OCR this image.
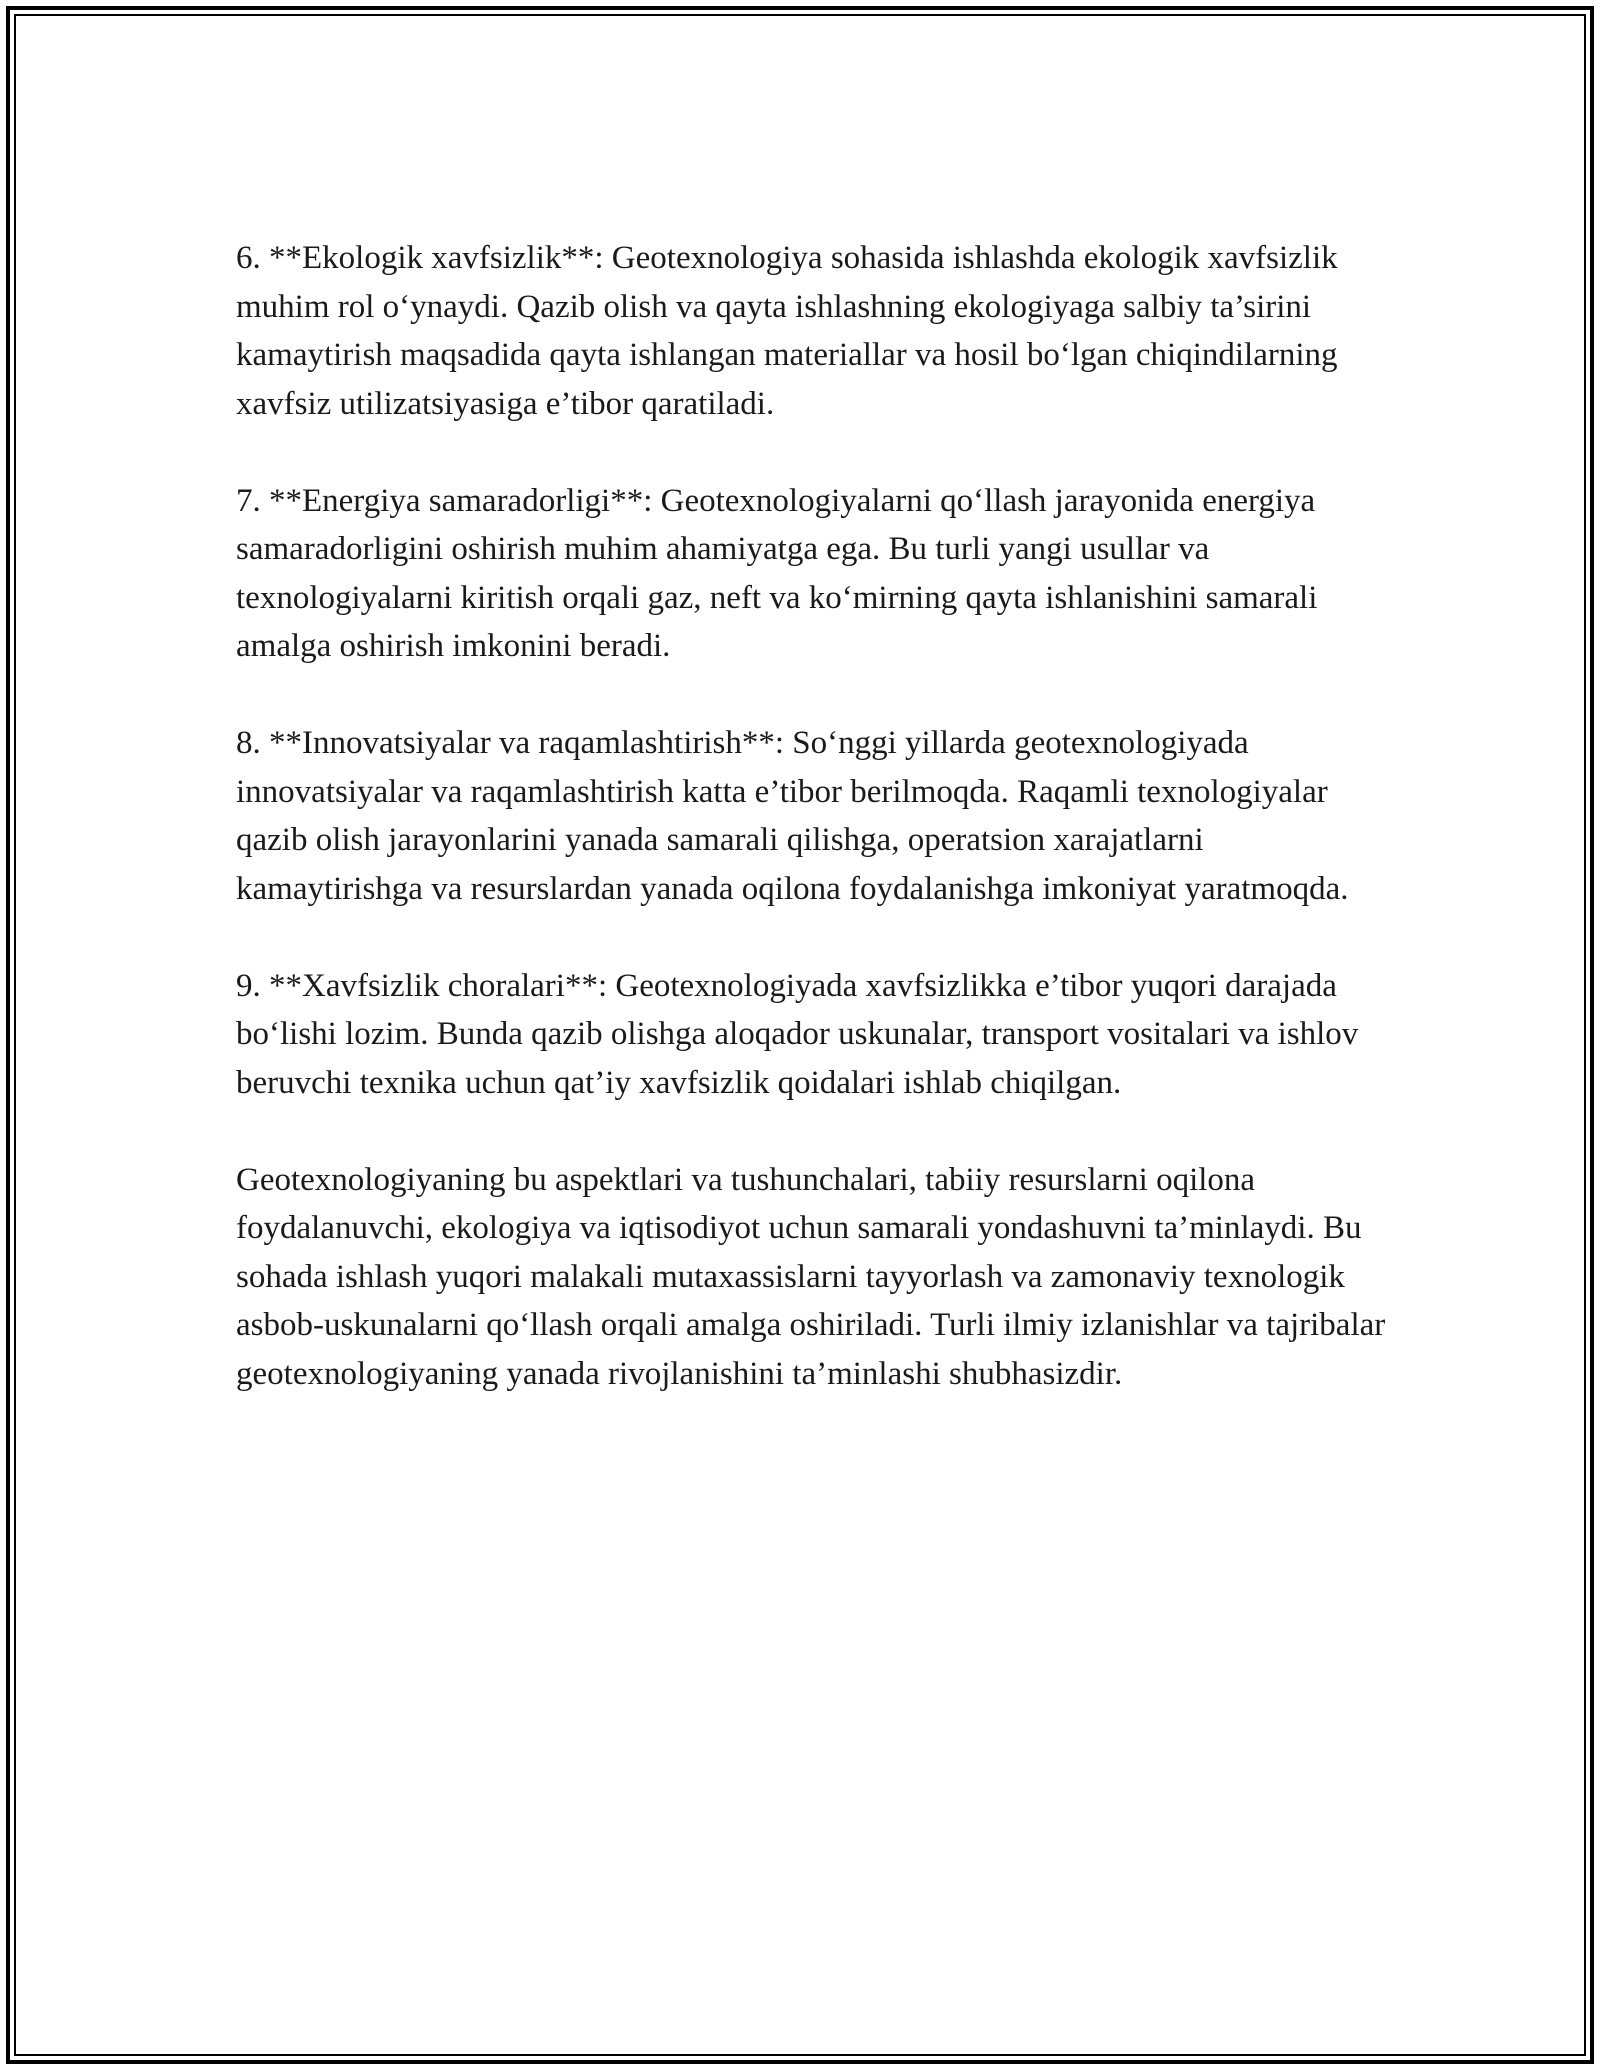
6. **Ekologik xavfsizlik**: Geotexnologiya sohasida ishlashda ekologik xavfsizlik muhim rol o‘ynaydi. Qazib olish va qayta ishlashning ekologiyaga salbiy ta’sirini kamaytirish maqsadida qayta ishlangan materiallar va hosil bo‘lgan chiqindilarning xavfsiz utilizatsiyasiga e’tibor qaratiladi.

7. **Energiya samaradorligi**: Geotexnologiyalarni qo‘llash jarayonida energiya samaradorligini oshirish muhim ahamiyatga ega. Bu turli yangi usullar va texnologiyalarni kiritish orqali gaz, neft va ko‘mirning qayta ishlanishini samarali amalga oshirish imkonini beradi.

8. **Innovatsiyalar va raqamlashtirish**: So‘nggi yillarda geotexnologiyada innovatsiyalar va raqamlashtirish katta e’tibor berilmoqda. Raqamli texnologiyalar qazib olish jarayonlarini yanada samarali qilishga, operatsion xarajatlarni kamaytirishga va resurslardan yanada oqilona foydalanishga imkoniyat yaratmoqda.

9. **Xavfsizlik choralari**: Geotexnologiyada xavfsizlikka e’tibor yuqori darajada bo‘lishi lozim. Bunda qazib olishga aloqador uskunalar, transport vositalari va ishlov beruvchi texnika uchun qat’iy xavfsizlik qoidalari ishlab chiqilgan.

Geotexnologiyaning bu aspektlari va tushunchalari, tabiiy resurslarni oqilona foydalanuvchi, ekologiya va iqtisodiyot uchun samarali yondashuvni ta’minlaydi. Bu sohada ishlash yuqori malakali mutaxassislarni tayyorlash va zamonaviy texnologik asbob-uskunalarni qo‘llash orqali amalga oshiriladi. Turli ilmiy izlanishlar va tajribalar geotexnologiyaning yanada rivojlanishini ta’minlashi shubhasizdir.
